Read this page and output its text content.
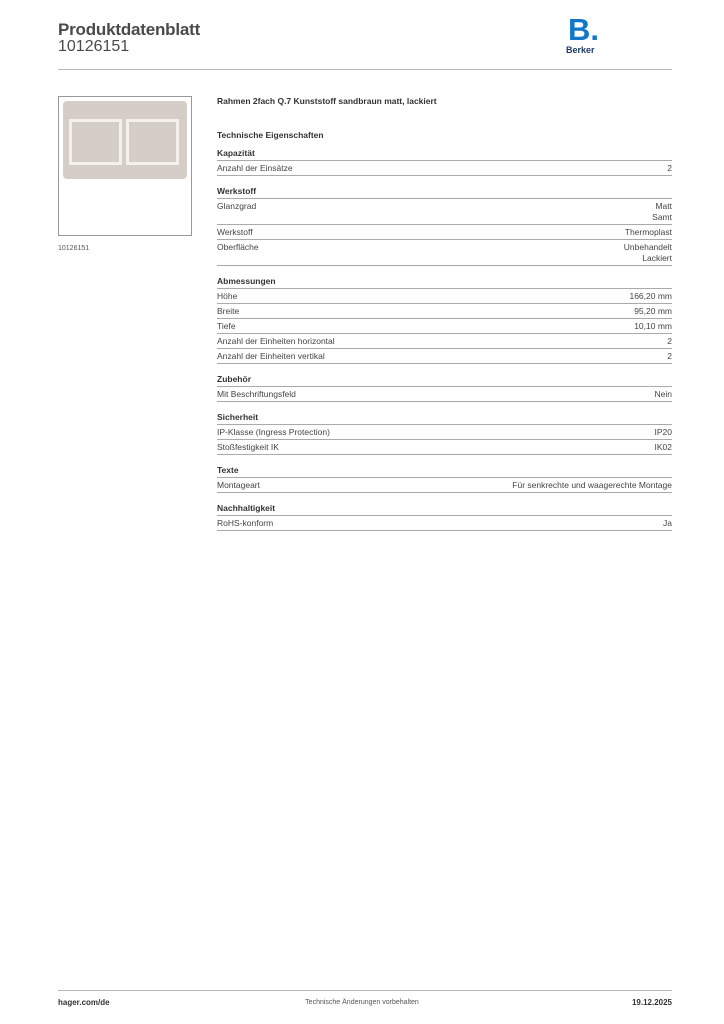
Produktdatenblatt
10126151	B.
Berker
10126151
Rahmen 2fach Q.7 Kunststoff sandbraun matt, lackiert
Technische Eigenschaften
Kapazität
Anzahl der Einsätze	2
Werkstoff
Glanzgrad	Matt
Samt
Werkstoff	Thermoplast
Oberfläche	Unbehandelt
Lackiert
Abmessungen
Höhe	166,20 mm
Breite	95,20 mm
Tiefe	10,10 mm
Anzahl der Einheiten horizontal	2
Anzahl der Einheiten vertikal	2
Zubehör
Mit Beschriftungsfeld	Nein
Sicherheit
IP-Klasse (Ingress Protection)	IP20
Stoßfestigkeit IK	IK02
Texte
Montageart	Für senkrechte und waagerechte Montage
Nachhaltigkeit
RoHS-konform	Ja
hager.com/de	Technische Änderungen vorbehalten	19.12.2025
